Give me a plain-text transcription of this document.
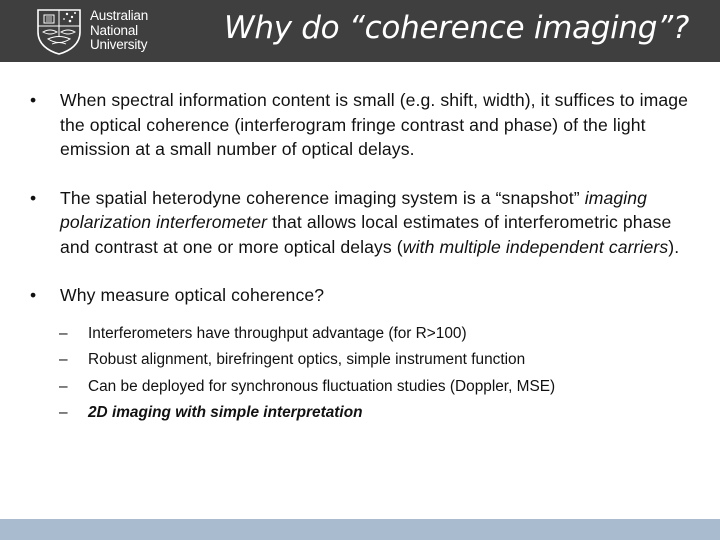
Australian
National
University Why do “coherence imaging”?
• When spectral information content is small (e.g. shift, width), it suffices to image the optical coherence (interferogram fringe contrast and phase) of the light emission at a small number of optical delays.
• The spatial heterodyne coherence imaging system is a “snapshot” imaging polarization interferometer that allows local estimates of interferometric phase and contrast at one or more optical delays (with multiple independent carriers).
• Why measure optical coherence?
– Interferometers have throughput advantage (for R>100)
– Robust alignment, birefringent optics, simple instrument function
– Can be deployed for synchronous fluctuation studies (Doppler, MSE)
– 2D imaging with simple interpretation
